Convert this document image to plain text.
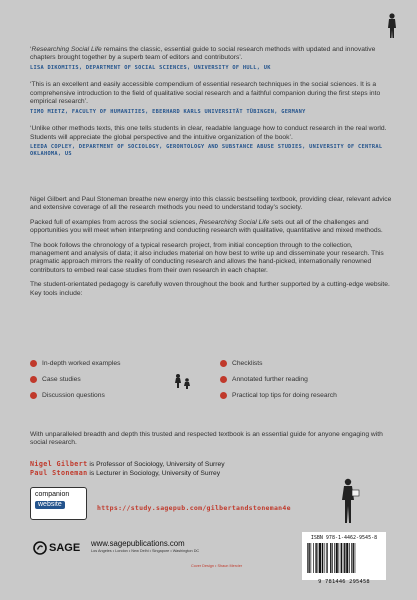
‘Researching Social Life remains the classic, essential guide to social research methods with updated and innovative chapters brought together by a superb team of editors and contributors’.

LISA DIKOMITIS, DEPARTMENT OF SOCIAL SCIENCES, UNIVERSITY OF HULL, UK

‘This is an excellent and easily accessible compendium of essential research techniques in the social sciences. It is a comprehensive introduction to the field of qualitative social research and a faithful companion during the first steps into empirical research’.

TIMO MIETZ, FACULTY OF HUMANITIES, EBERHARD KARLS UNIVERSITÄT TÜBINGEN, GERMANY

‘Unlike other methods texts, this one tells students in clear, readable language how to conduct research in the real world. Students will appreciate the global perspective and the intuitive organization of the book’.

LEEDA COPLEY, DEPARTMENT OF SOCIOLOGY, GERONTOLOGY AND SUBSTANCE ABUSE STUDIES, UNIVERSITY OF CENTRAL OKLAHOMA, US

Nigel Gilbert and Paul Stoneman breathe new energy into this classic bestselling textbook, providing clear, relevant advice and extensive coverage of all the research methods you need to understand today’s society.

Packed full of examples from across the social sciences, Researching Social Life sets out all of the challenges and opportunities you will meet when interpreting and conducting research with qualitative, quantitative and mixed methods.

The book follows the chronology of a typical research project, from initial conception through to the collection, management and analysis of data; it also includes material on how best to write up and disseminate your research. This pragmatic approach mirrors the reality of conducting research and allows the hand-picked, internationally renowned contributors to embed real case studies from their own research in each chapter.

The student-orientated pedagogy is carefully woven throughout the book and further supported by a cutting-edge website. Key tools include:

In-depth worked examples
Case studies
Discussion questions
Checklists
Annotated further reading
Practical top tips for doing research

With unparalleled breadth and depth this trusted and respected textbook is an essential guide for anyone engaging with social research.

Nigel Gilbert is Professor of Sociology, University of Surrey

Paul Stoneman is Lecturer in Sociology, University of Surrey

companion
website	https://study.sagepub.com/gilbertandstoneman4e
SAGE www.sagepublications.com
Los Angeles • London • New Delhi • Singapore • Washington DC
Cover Design • Shaun Mercier
ISBN 978-1-4462-9545-8
9 781446 295458
